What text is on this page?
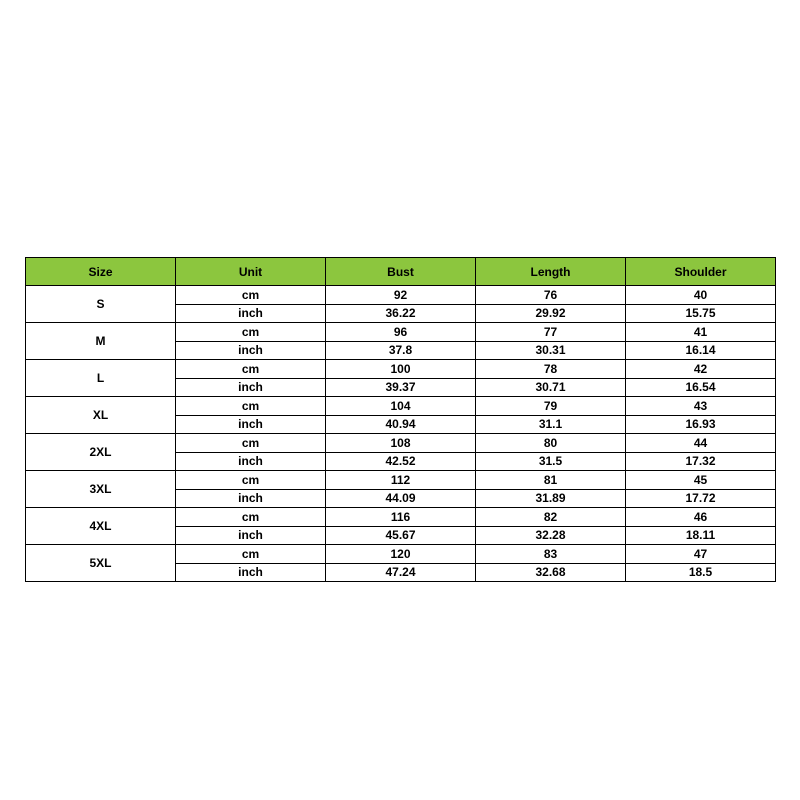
Size	Unit	Bust	Length	Shoulder
S	cm	92	76	40
	inch	36.22	29.92	15.75
M	cm	96	77	41
	inch	37.8	30.31	16.14
L	cm	100	78	42
	inch	39.37	30.71	16.54
XL	cm	104	79	43
	inch	40.94	31.1	16.93
2XL	cm	108	80	44
	inch	42.52	31.5	17.32
3XL	cm	112	81	45
	inch	44.09	31.89	17.72
4XL	cm	116	82	46
	inch	45.67	32.28	18.11
5XL	cm	120	83	47
	inch	47.24	32.68	18.5
